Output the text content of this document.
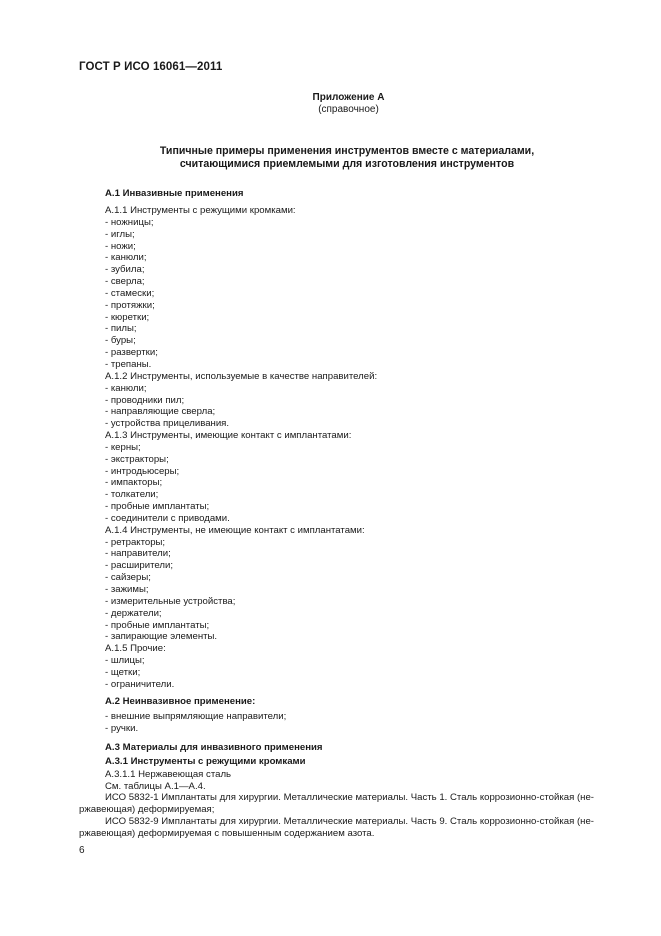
ГОСТ Р ИСО 16061—2011
Приложение А
(справочное)
Типичные примеры применения инструментов вместе с материалами,
считающимися приемлемыми для изготовления инструментов
А.1 Инвазивные применения
А.1.1 Инструменты с режущими кромками:
- ножницы;
- иглы;
- ножи;
- канюли;
- зубила;
- сверла;
- стамески;
- протяжки;
- кюретки;
- пилы;
- буры;
- развертки;
- трепаны.
А.1.2 Инструменты, используемые в качестве направителей:
- канюли;
- проводники пил;
- направляющие сверла;
- устройства прицеливания.
А.1.3 Инструменты, имеющие контакт с имплантатами:
- керны;
- экстракторы;
- интродьюсеры;
- импакторы;
- толкатели;
- пробные имплантаты;
- соединители с приводами.
А.1.4 Инструменты, не имеющие контакт с имплантатами:
- ретракторы;
- направители;
- расширители;
- сайзеры;
- зажимы;
- измерительные устройства;
- держатели;
- пробные имплантаты;
- запирающие элементы.
А.1.5 Прочие:
- шлицы;
- щетки;
- ограничители.
А.2 Неинвазивное применение:
- внешние выпрямляющие направители;
- ручки.
А.3 Материалы для инвазивного применения
А.3.1 Инструменты с режущими кромками
А.3.1.1 Нержавеющая сталь
См. таблицы А.1—А.4.
ИСО 5832-1 Имплантаты для хирургии. Металлические материалы. Часть 1. Сталь коррозионно-стойкая (не-ржавеющая) деформируемая;
ИСО 5832-9 Имплантаты для хирургии. Металлические материалы. Часть 9. Сталь коррозионно-стойкая (не-ржавеющая) деформируемая с повышенным содержанием азота.
6
